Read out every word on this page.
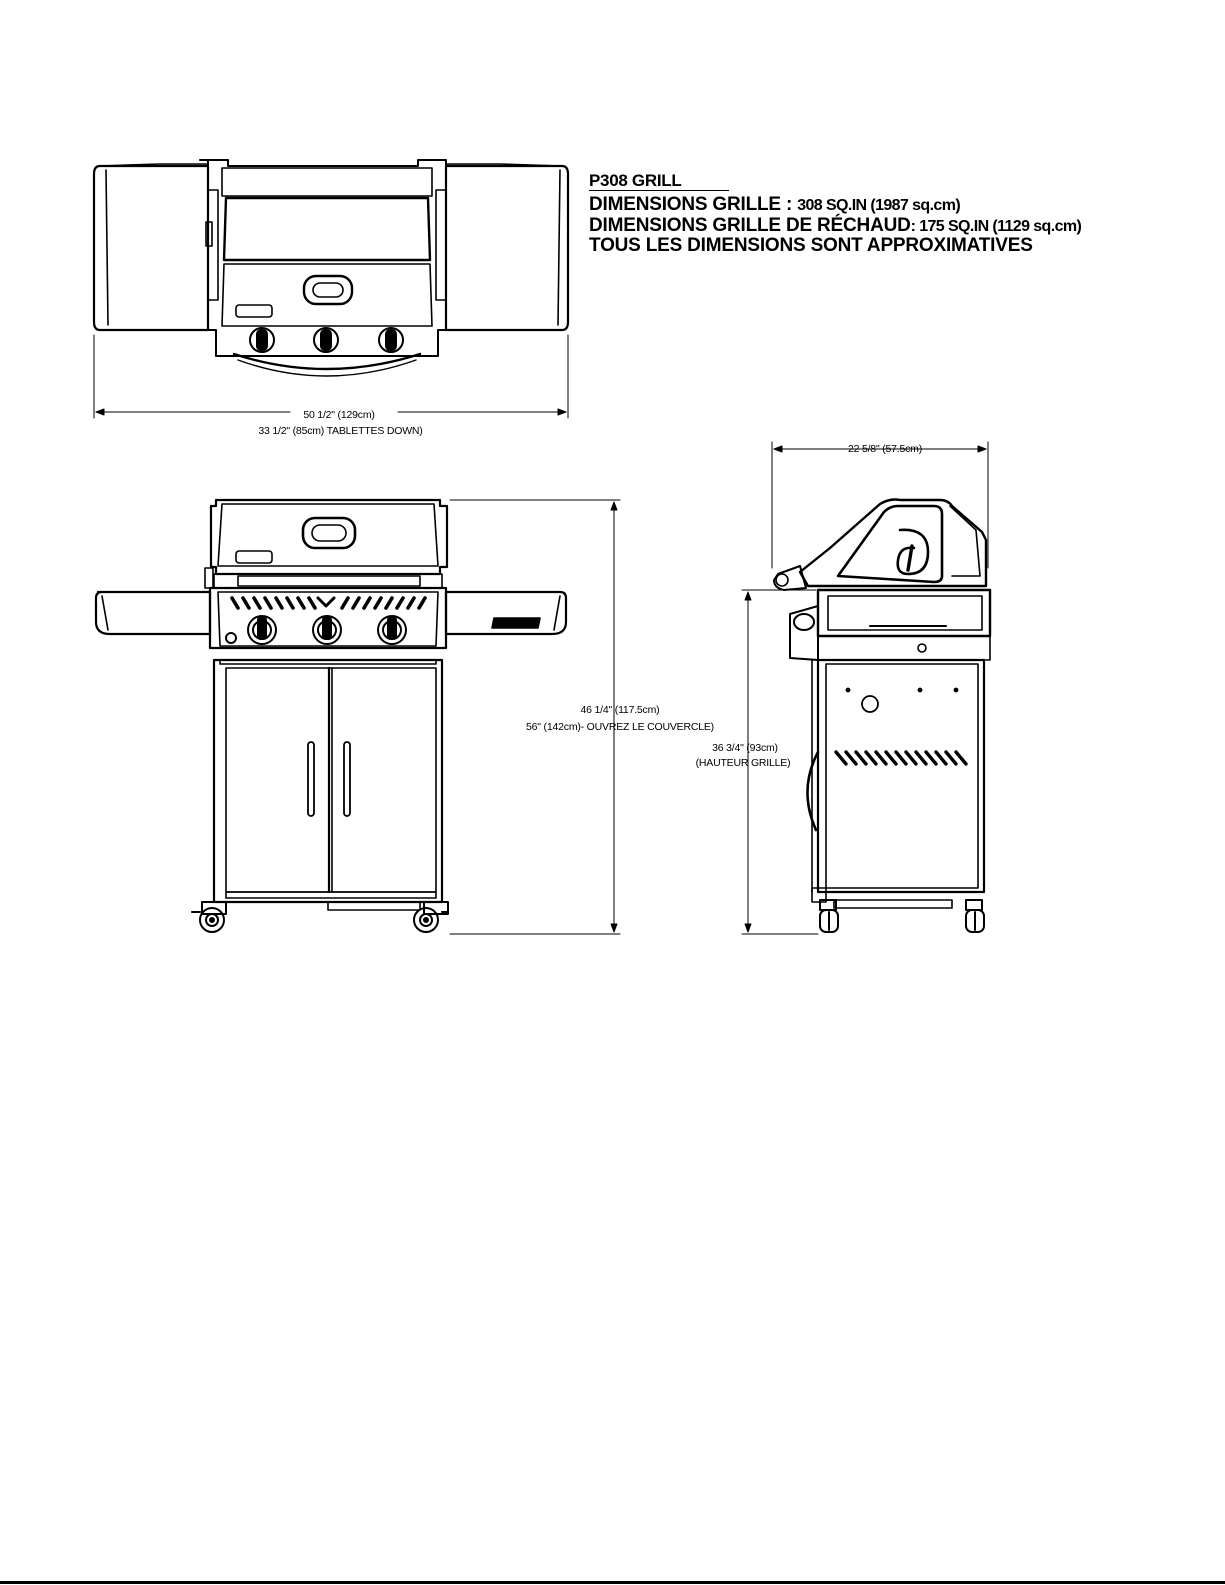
P308 GRILL
DIMENSIONS GRILLE : 308 SQ.IN (1987 sq.cm)
DIMENSIONS GRILLE DE RÉCHAUD: 175 SQ.IN (1129 sq.cm)
TOUS LES DIMENSIONS SONT APPROXIMATIVES
50 1/2" (129cm)
33 1/2" (85cm) TABLETTES DOWN)
22 5/8" (57.5cm)
46 1/4" (117.5cm)
56" (142cm)- OUVREZ LE COUVERCLE)
36 3/4" (93cm)
(HAUTEUR GRILLE)
